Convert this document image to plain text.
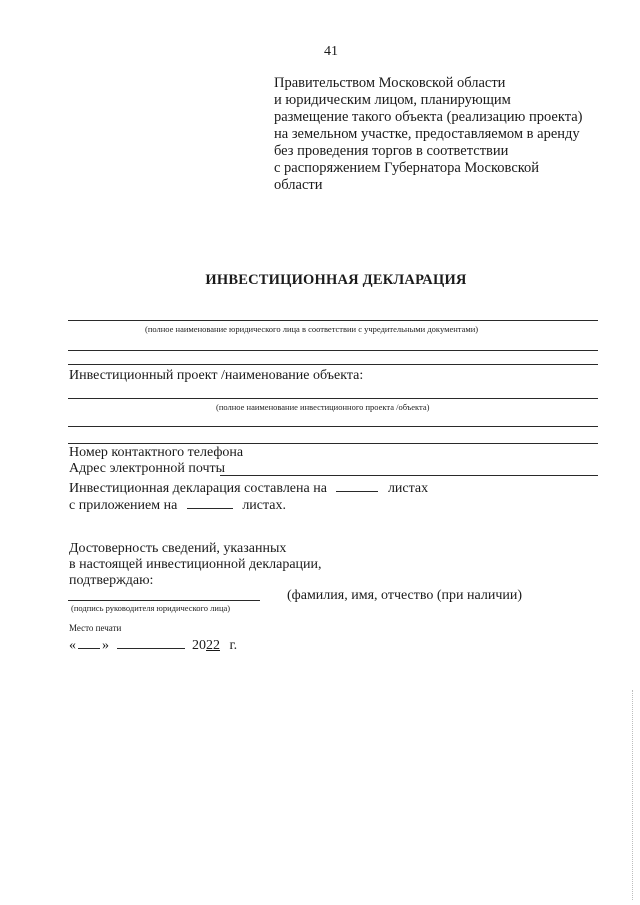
41
Правительством Московской области
и юридическим лицом, планирующим
размещение такого объекта (реализацию проекта)
на земельном участке, предоставляемом в аренду
без проведения торгов в соответствии
с распоряжением Губернатора Московской
области
ИНВЕСТИЦИОННАЯ ДЕКЛАРАЦИЯ
(полное наименование юридического лица в соответствии с учредительными документами)
Инвестиционный проект /наименование объекта:
(полное наименование инвестиционного проекта /объекта)
Номер контактного телефона
Адрес электронной почты
Инвестиционная декларация составлена на	листах
с приложением на	листах.
Достоверность сведений, указанных
в настоящей инвестиционной декларации,
подтверждаю:
(фамилия, имя, отчество (при наличии)
(подпись руководителя юридического лица)
Место печати
« »	2022 г.
